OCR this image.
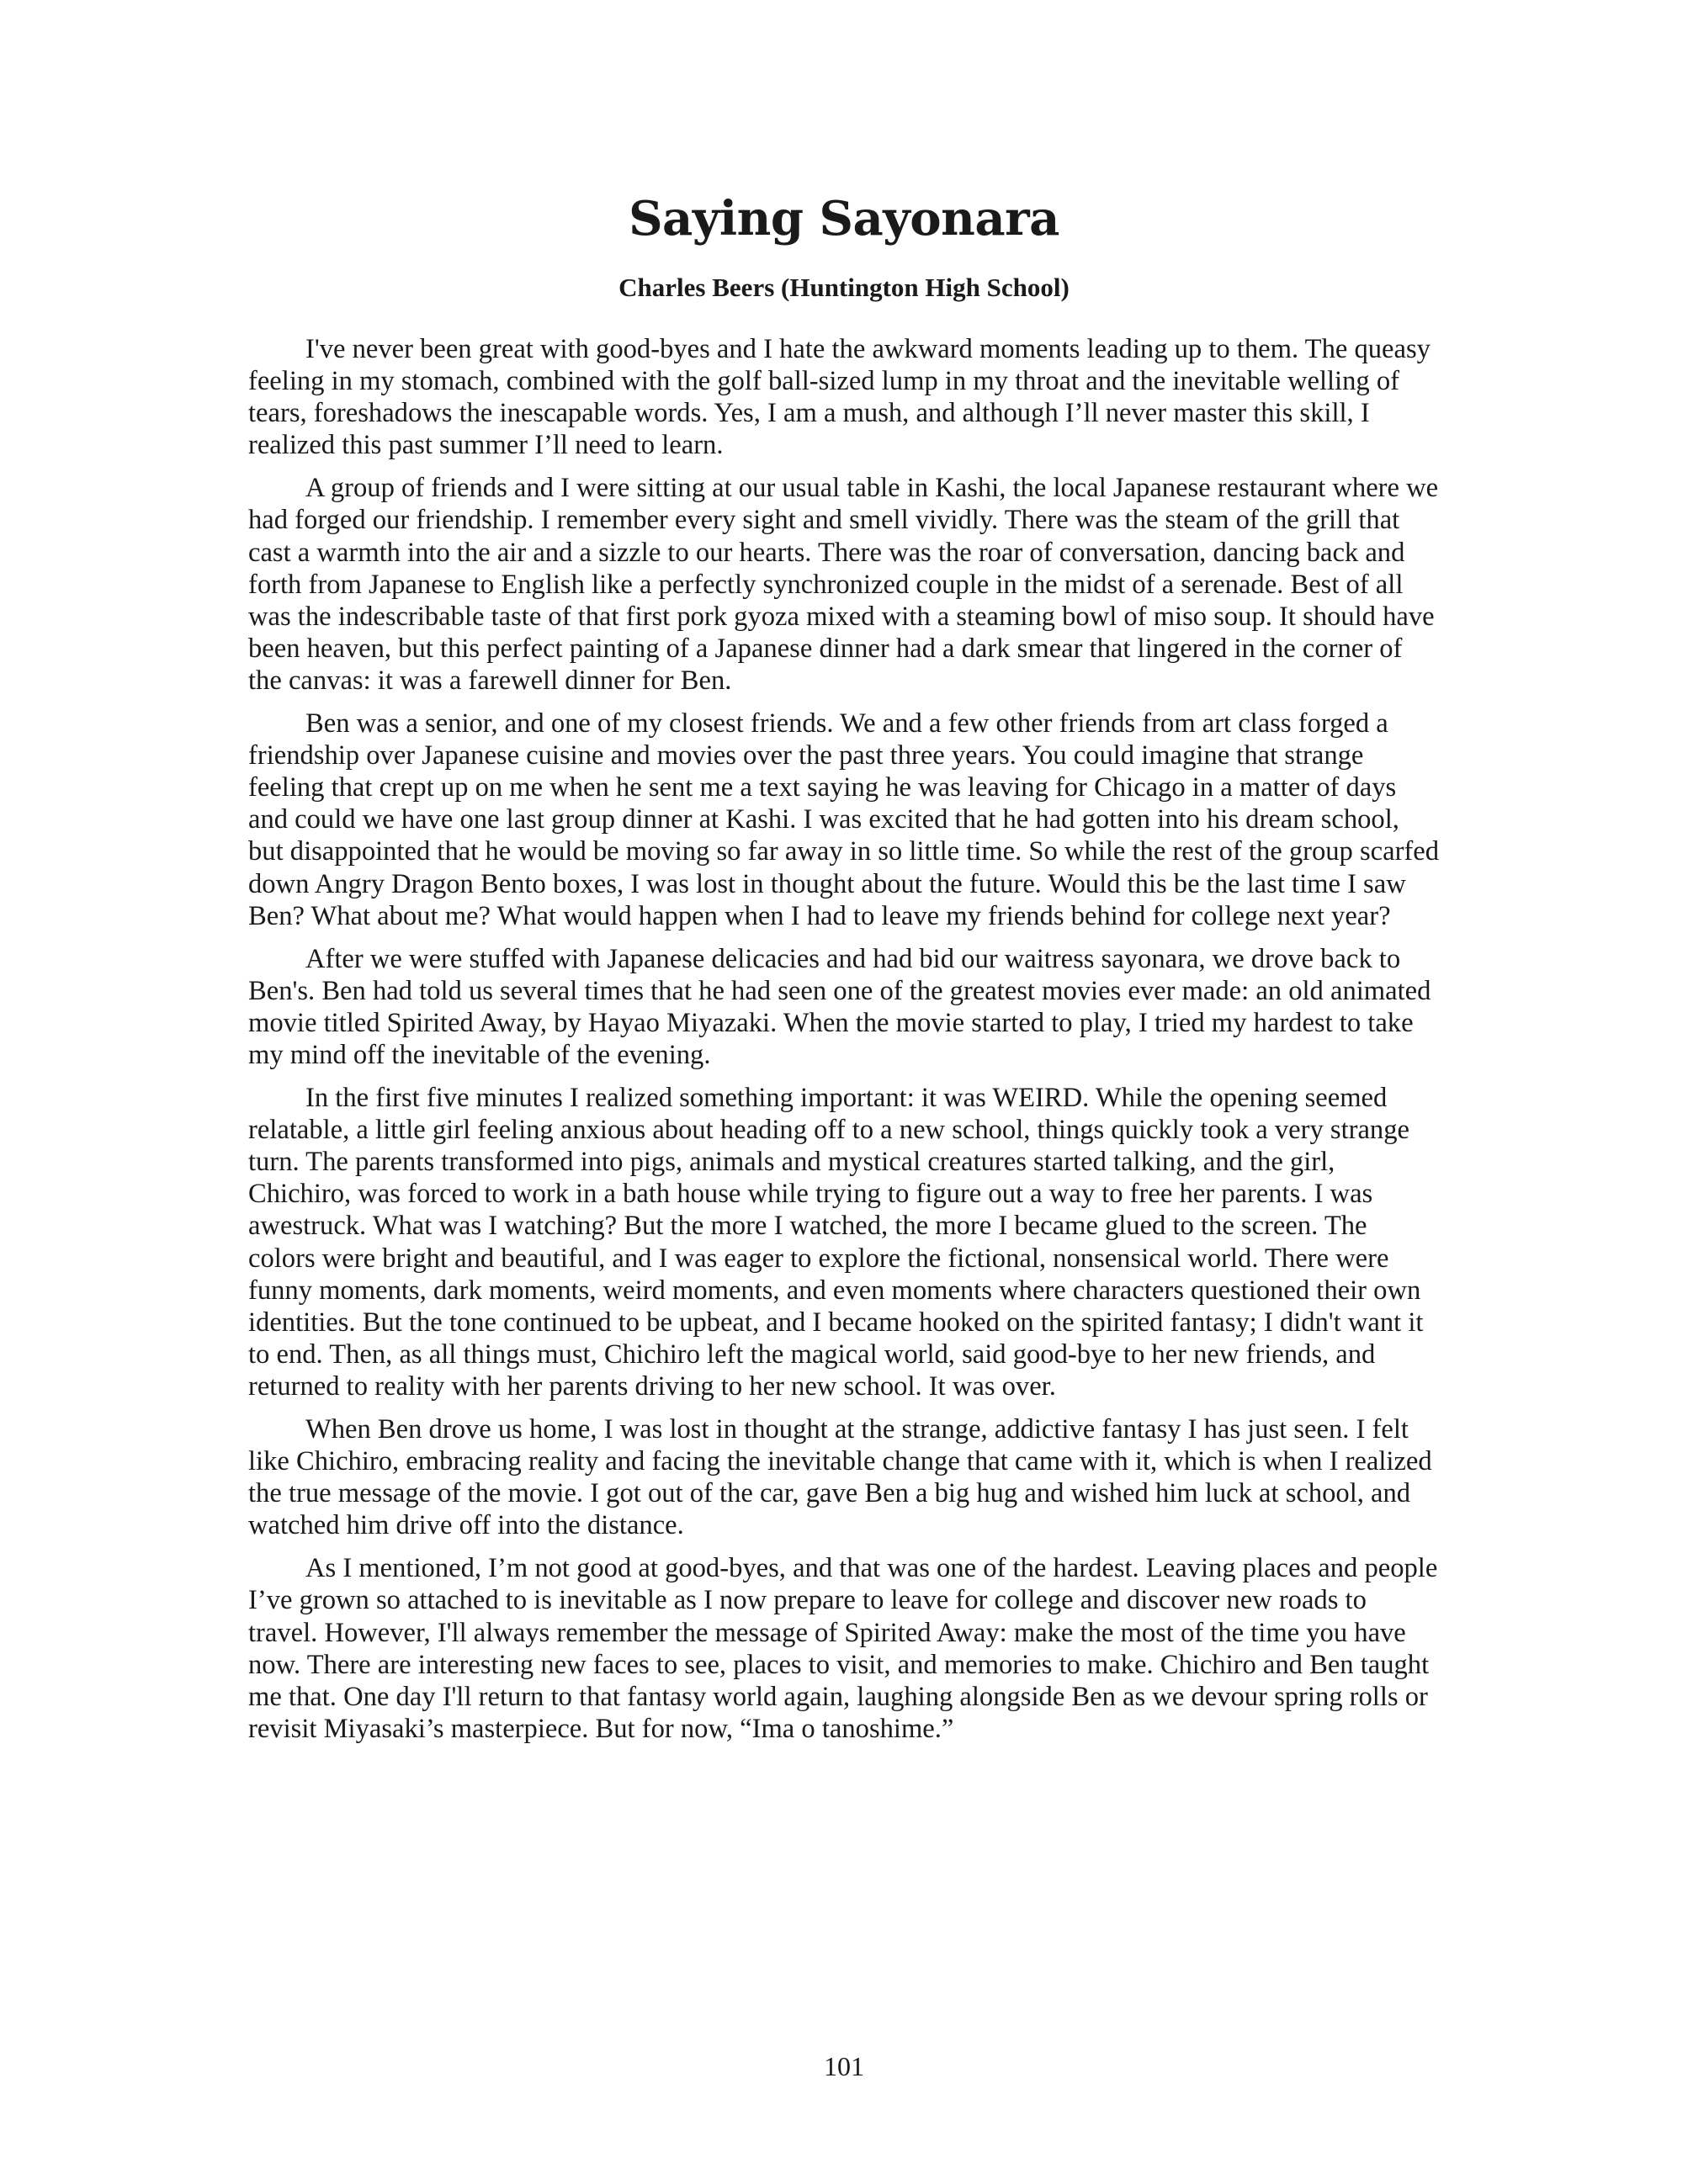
Saying Sayonara
Charles Beers (Huntington High School)

I've never been great with good-byes and I hate the awkward moments leading up to them. The queasy feeling in my stomach, combined with the golf ball-sized lump in my throat and the inevitable welling of tears, foreshadows the inescapable words. Yes, I am a mush, and although I’ll never master this skill, I realized this past summer I’ll need to learn.

A group of friends and I were sitting at our usual table in Kashi, the local Japanese restaurant where we had forged our friendship. I remember every sight and smell vividly. There was the steam of the grill that cast a warmth into the air and a sizzle to our hearts. There was the roar of conversation, dancing back and forth from Japanese to English like a perfectly synchronized couple in the midst of a serenade. Best of all was the indescribable taste of that first pork gyoza mixed with a steaming bowl of miso soup. It should have been heaven, but this perfect painting of a Japanese dinner had a dark smear that lingered in the corner of the canvas: it was a farewell dinner for Ben.

Ben was a senior, and one of my closest friends. We and a few other friends from art class forged a friendship over Japanese cuisine and movies over the past three years. You could imagine that strange feeling that crept up on me when he sent me a text saying he was leaving for Chicago in a matter of days and could we have one last group dinner at Kashi. I was excited that he had gotten into his dream school, but disappointed that he would be moving so far away in so little time. So while the rest of the group scarfed down Angry Dragon Bento boxes, I was lost in thought about the future. Would this be the last time I saw Ben? What about me? What would happen when I had to leave my friends behind for college next year?

After we were stuffed with Japanese delicacies and had bid our waitress sayonara, we drove back to Ben's. Ben had told us several times that he had seen one of the greatest movies ever made: an old animated movie titled Spirited Away, by Hayao Miyazaki. When the movie started to play, I tried my hardest to take my mind off the inevitable of the evening.

In the first five minutes I realized something important: it was WEIRD. While the opening seemed relatable, a little girl feeling anxious about heading off to a new school, things quickly took a very strange turn. The parents transformed into pigs, animals and mystical creatures started talking, and the girl, Chichiro, was forced to work in a bath house while trying to figure out a way to free her parents. I was awestruck. What was I watching? But the more I watched, the more I became glued to the screen. The colors were bright and beautiful, and I was eager to explore the fictional, nonsensical world. There were funny moments, dark moments, weird moments, and even moments where characters questioned their own identities. But the tone continued to be upbeat, and I became hooked on the spirited fantasy; I didn't want it to end. Then, as all things must, Chichiro left the magical world, said good-bye to her new friends, and returned to reality with her parents driving to her new school. It was over.

When Ben drove us home, I was lost in thought at the strange, addictive fantasy I has just seen. I felt like Chichiro, embracing reality and facing the inevitable change that came with it, which is when I realized the true message of the movie. I got out of the car, gave Ben a big hug and wished him luck at school, and watched him drive off into the distance.

As I mentioned, I’m not good at good-byes, and that was one of the hardest. Leaving places and people I’ve grown so attached to is inevitable as I now prepare to leave for college and discover new roads to travel. However, I'll always remember the message of Spirited Away: make the most of the time you have now. There are interesting new faces to see, places to visit, and memories to make. Chichiro and Ben taught me that. One day I'll return to that fantasy world again, laughing alongside Ben as we devour spring rolls or revisit Miyasaki’s masterpiece. But for now, “Ima o tanoshime.”

101
